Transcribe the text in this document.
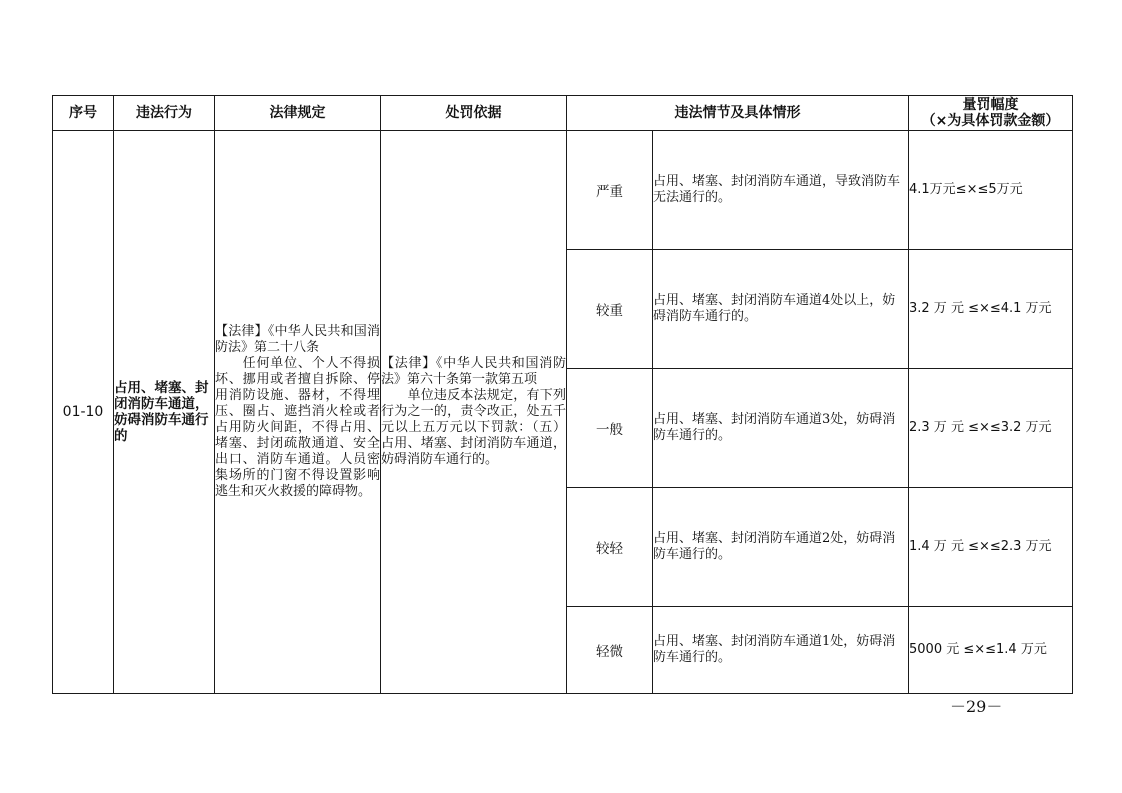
序号	违法行为	法律规定	处罚依据	违法情节及具体情形		量罚幅度
（×为具体罚款金额）

01-10	占用、堵塞、封闭消防车通道，妨碍消防车通行的	【法律】《中华人民共和国消防法》第二十八条
　　任何单位、个人不得损坏、挪用或者擅自拆除、停用消防设施、器材，不得埋压、圈占、遮挡消火栓或者占用防火间距，不得占用、堵塞、封闭疏散通道、安全出口、消防车通道。人员密集场所的门窗不得设置影响逃生和灭火救援的障碍物。	【法律】《中华人民共和国消防法》第六十条第一款第五项
　　单位违反本法规定，有下列行为之一的，责令改正，处五千元以上五万元以下罚款：（五）占用、堵塞、封闭消防车通道，妨碍消防车通行的。	严重	占用、堵塞、封闭消防车通道，导致消防车无法通行的。	4.1万元≤×≤5万元
				较重	占用、堵塞、封闭消防车通道4处以上，妨碍消防车通行的。	3.2 万 元 ≤×≤4.1 万元
				一般	占用、堵塞、封闭消防车通道3处，妨碍消防车通行的。	2.3 万 元 ≤×≤3.2 万元
				较轻	占用、堵塞、封闭消防车通道2处，妨碍消防车通行的。	1.4 万 元 ≤×≤2.3 万元
				轻微	占用、堵塞、封闭消防车通道1处，妨碍消防车通行的。	5000 元 ≤×≤1.4 万元
－29－
